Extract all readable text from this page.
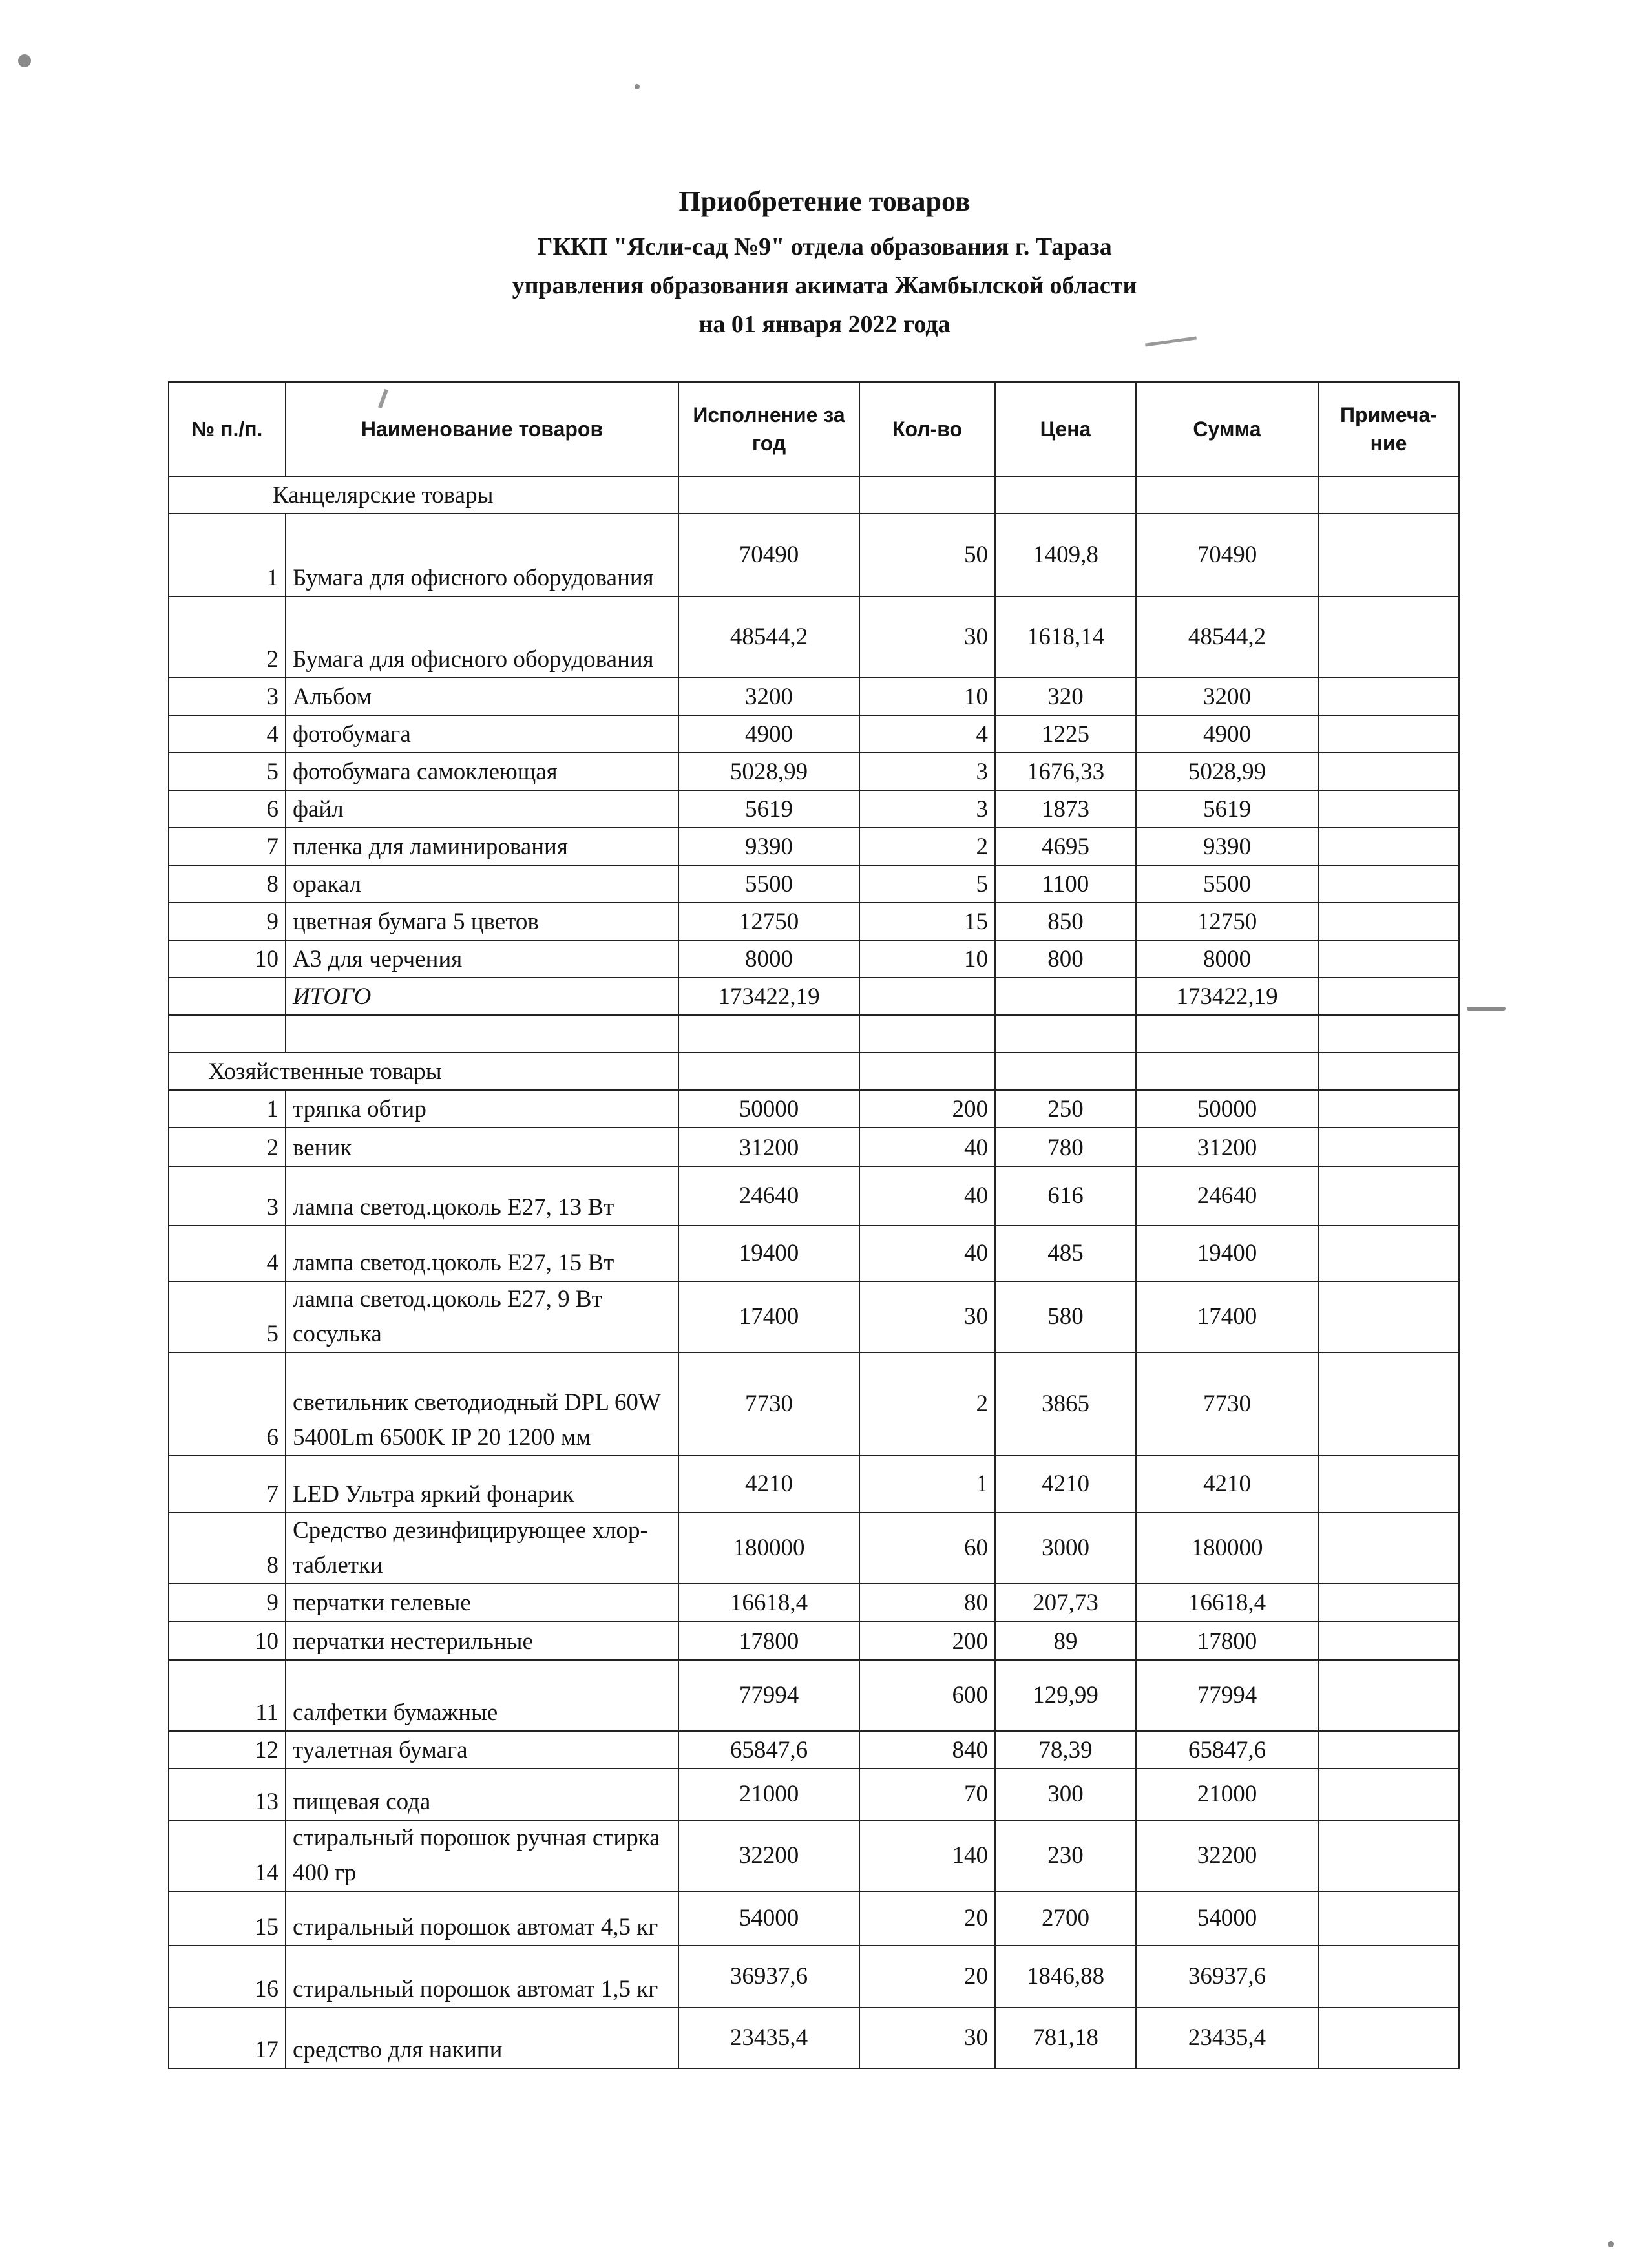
Приобретение товаров
ГККП "Ясли-сад №9" отдела образования г. Тараза
управления образования акимата Жамбылской области
на 01 января 2022 года
№ п./п.	Наименование товаров	Исполнение за год	Кол-во	Цена	Сумма	Примеча-ние
Канцелярские товары						
1	Бумага для офисного оборудования	70490	50	1409,8	70490	
2	Бумага для офисного оборудования	48544,2	30	1618,14	48544,2	
3	Альбом	3200	10	320	3200	
4	фотобумага	4900	4	1225	4900	
5	фотобумага самоклеющая	5028,99	3	1676,33	5028,99	
6	файл	5619	3	1873	5619	
7	пленка для ламинирования	9390	2	4695	9390	
8	оракал	5500	5	1100	5500	
9	цветная бумага 5 цветов	12750	15	850	12750	
10	А3 для черчения	8000	10	800	8000	
	ИТОГО	173422,19			173422,19	

Хозяйственные товары						
1	тряпка обтир	50000	200	250	50000	
2	веник	31200	40	780	31200	
3	лампа светод.цоколь Е27, 13 Вт	24640	40	616	24640	
4	лампа светод.цоколь Е27, 15 Вт	19400	40	485	19400	
5	лампа светод.цоколь Е27, 9 Вт сосулька	17400	30	580	17400	
6	светильник светодиодный DPL 60W 5400Lm 6500K IP 20 1200 мм	7730	2	3865	7730	
7	LED Ультра яркий фонарик	4210	1	4210	4210	
8	Средство дезинфицирующее хлор-таблетки	180000	60	3000	180000	
9	перчатки гелевые	16618,4	80	207,73	16618,4	
10	перчатки нестерильные	17800	200	89	17800	
11	салфетки бумажные	77994	600	129,99	77994	
12	туалетная бумага	65847,6	840	78,39	65847,6	
13	пищевая сода	21000	70	300	21000	
14	стиральный порошок ручная стирка 400 гр	32200	140	230	32200	
15	стиральный порошок автомат 4,5 кг	54000	20	2700	54000	
16	стиральный порошок автомат 1,5 кг	36937,6	20	1846,88	36937,6	
17	средство для накипи	23435,4	30	781,18	23435,4	
